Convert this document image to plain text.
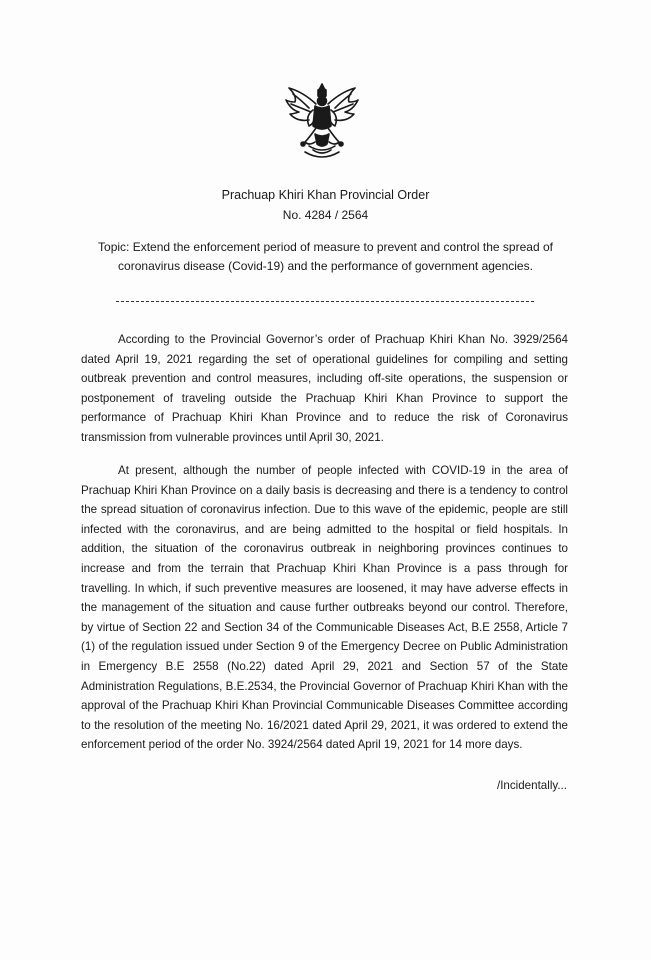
Prachuap Khiri Khan Provincial Order
No. 4284 / 2564
Topic: Extend the enforcement period of measure to prevent and control the spread of coronavirus disease (Covid-19) and the performance of government agencies.

According to the Provincial Governor’s order of Prachuap Khiri Khan No. 3929/2564 dated April 19, 2021 regarding the set of operational guidelines for compiling and setting outbreak prevention and control measures, including off-site operations, the suspension or postponement of traveling outside the Prachuap Khiri Khan Province to support the performance of Prachuap Khiri Khan Province and to reduce the risk of Coronavirus transmission from vulnerable provinces until April 30, 2021.

At present, although the number of people infected with COVID-19 in the area of Prachuap Khiri Khan Province on a daily basis is decreasing and there is a tendency to control the spread situation of coronavirus infection. Due to this wave of the epidemic, people are still infected with the coronavirus, and are being admitted to the hospital or field hospitals. In addition, the situation of the coronavirus outbreak in neighboring provinces continues to increase and from the terrain that Prachuap Khiri Khan Province is a pass through for travelling. In which, if such preventive measures are loosened, it may have adverse effects in the management of the situation and cause further outbreaks beyond our control. Therefore, by virtue of Section 22 and Section 34 of the Communicable Diseases Act, B.E 2558, Article 7 (1) of the regulation issued under Section 9 of the Emergency Decree on Public Administration in Emergency B.E 2558 (No.22) dated April 29, 2021 and Section 57 of the State Administration Regulations, B.E.2534, the Provincial Governor of Prachuap Khiri Khan with the approval of the Prachuap Khiri Khan Provincial Communicable Diseases Committee according to the resolution of the meeting No. 16/2021 dated April 29, 2021, it was ordered to extend the enforcement period of the order No. 3924/2564 dated April 19, 2021 for 14 more days.

/Incidentally...
